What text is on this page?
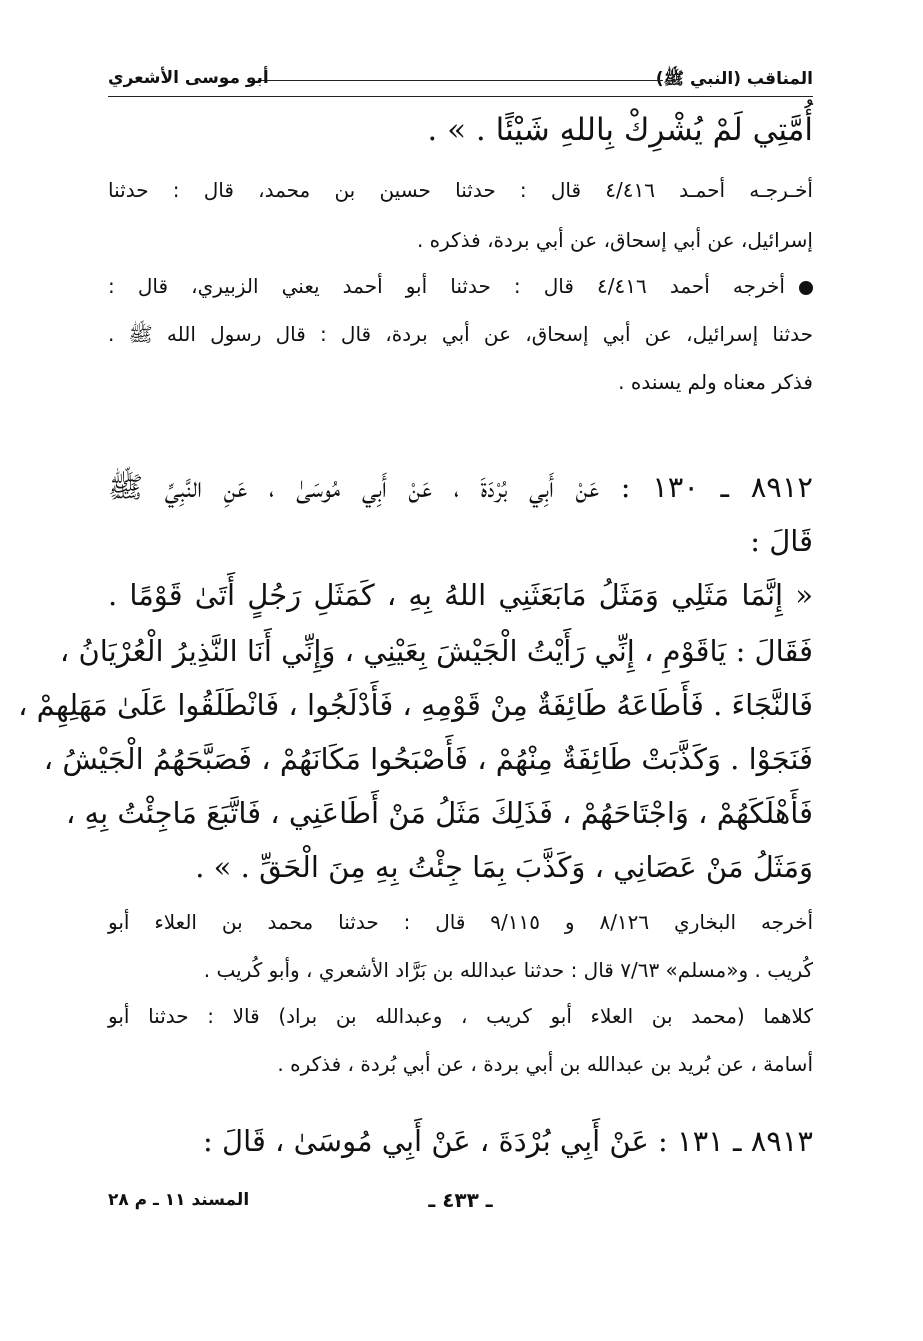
المناقب (النبي ﷺ)
أبو موسى الأشعري
أُمَّتِي لَمْ يُشْرِكْ بِاللهِ شَيْئًا . » .
أخـرجـه أحمـد ٤/٤١٦ قال : حدثنا حسين بن محمد، قال : حدثنا
إسرائيل، عن أبي إسحاق، عن أبي بردة، فذكره .
أخرجه أحمد ٤/٤١٦ قال : حدثنا أبو أحمد يعني الزبيري، قال :
حدثنا إسرائيل، عن أبي إسحاق، عن أبي بردة، قال : قال رسول الله ﷺ .
فذكر معناه ولم يسنده .
٨٩١٢ ـ ١٣٠ : عَنْ أَبِي بُرْدَةَ ، عَنْ أَبِي مُوسَىٰ ، عَنِ النَّبِيِّ ﷺ
قَالَ :
« إِنَّمَا مَثَلِي وَمَثَلُ مَابَعَثَنِي اللهُ بِهِ ، كَمَثَلِ رَجُلٍ أَتَىٰ قَوْمًا .
فَقَالَ : يَاقَوْمِ ، إِنِّي رَأَيْتُ الْجَيْشَ بِعَيْنِي ، وَإِنِّي أَنَا النَّذِيرُ الْعُرْيَانُ ،
فَالنَّجَاءَ . فَأَطَاعَهُ طَائِفَةٌ مِنْ قَوْمِهِ ، فَأَدْلَجُوا ، فَانْطَلَقُوا عَلَىٰ مَهَلِهِمْ ،
فَنَجَوْا . وَكَذَّبَتْ طَائِفَةٌ مِنْهُمْ ، فَأَصْبَحُوا مَكَانَهُمْ ، فَصَبَّحَهُمُ الْجَيْشُ ،
فَأَهْلَكَهُمْ ، وَاجْتَاحَهُمْ ، فَذَلِكَ مَثَلُ مَنْ أَطَاعَنِي ، فَاتَّبَعَ مَاجِئْتُ بِهِ ،
وَمَثَلُ مَنْ عَصَانِي ، وَكَذَّبَ بِمَا جِئْتُ بِهِ مِنَ الْحَقِّ . » .
أخرجه البخاري ٨/١٢٦ و ٩/١١٥ قال : حدثنا محمد بن العلاء أبو
كُريب . و«مسلم» ٧/٦٣ قال : حدثنا عبدالله بن بَرَّاد الأشعري ، وأبو كُريب .
كلاهما (محمد بن العلاء أبو كريب ، وعبدالله بن براد) قالا : حدثنا أبو
أسامة ، عن بُريد بن عبدالله بن أبي بردة ، عن أبي بُردة ، فذكره .
٨٩١٣ ـ ١٣١ : عَنْ أَبِي بُرْدَةَ ، عَنْ أَبِي مُوسَىٰ ، قَالَ :
ـ ٤٣٣ ـ
المسند ١١ ـ م ٢٨
